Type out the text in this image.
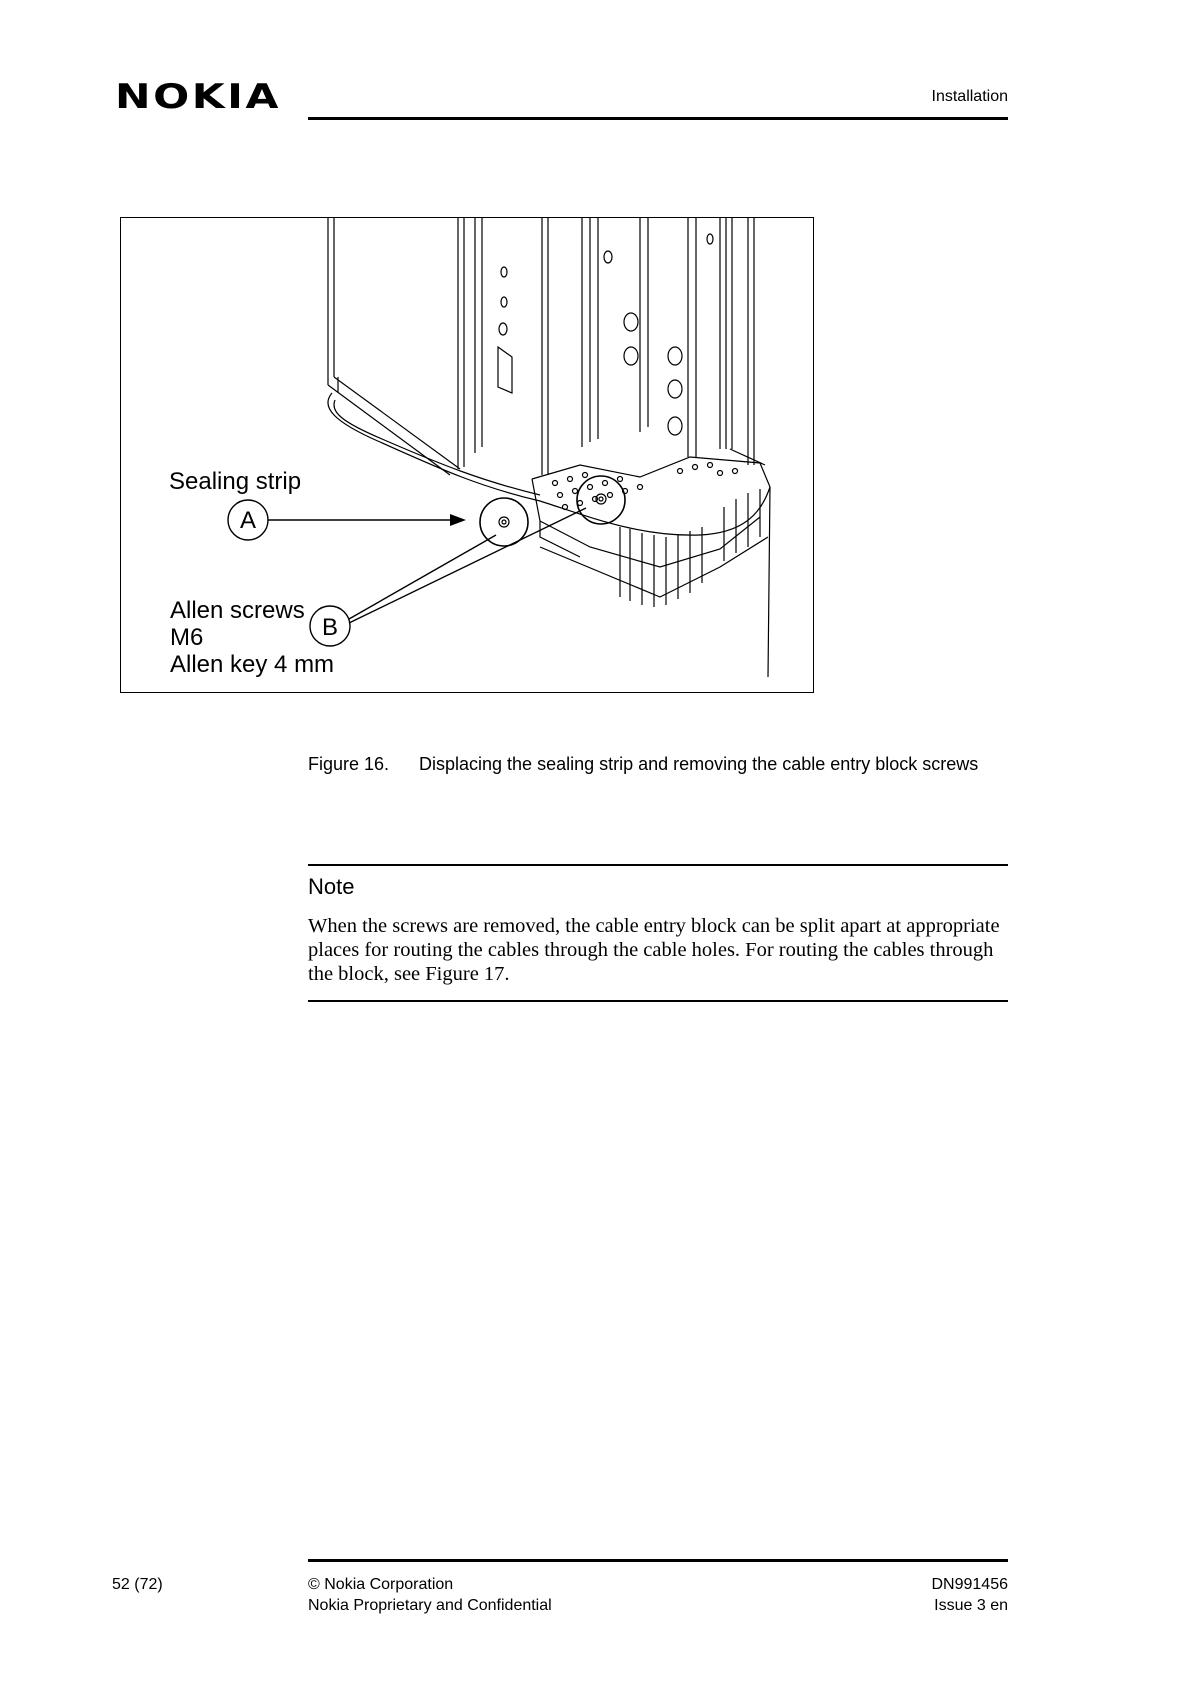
NOKIA	Installation
A
B
Sealing strip
Allen screws
M6
Allen key 4 mm
Figure 16. Displacing the sealing strip and removing the cable entry block screws
Note
When the screws are removed, the cable entry block can be split apart at appropriate places for routing the cables through the cable holes. For routing the cables through the block, see Figure 17.
52 (72)	© Nokia Corporation
Nokia Proprietary and Confidential
DN991456
Issue 3 en
